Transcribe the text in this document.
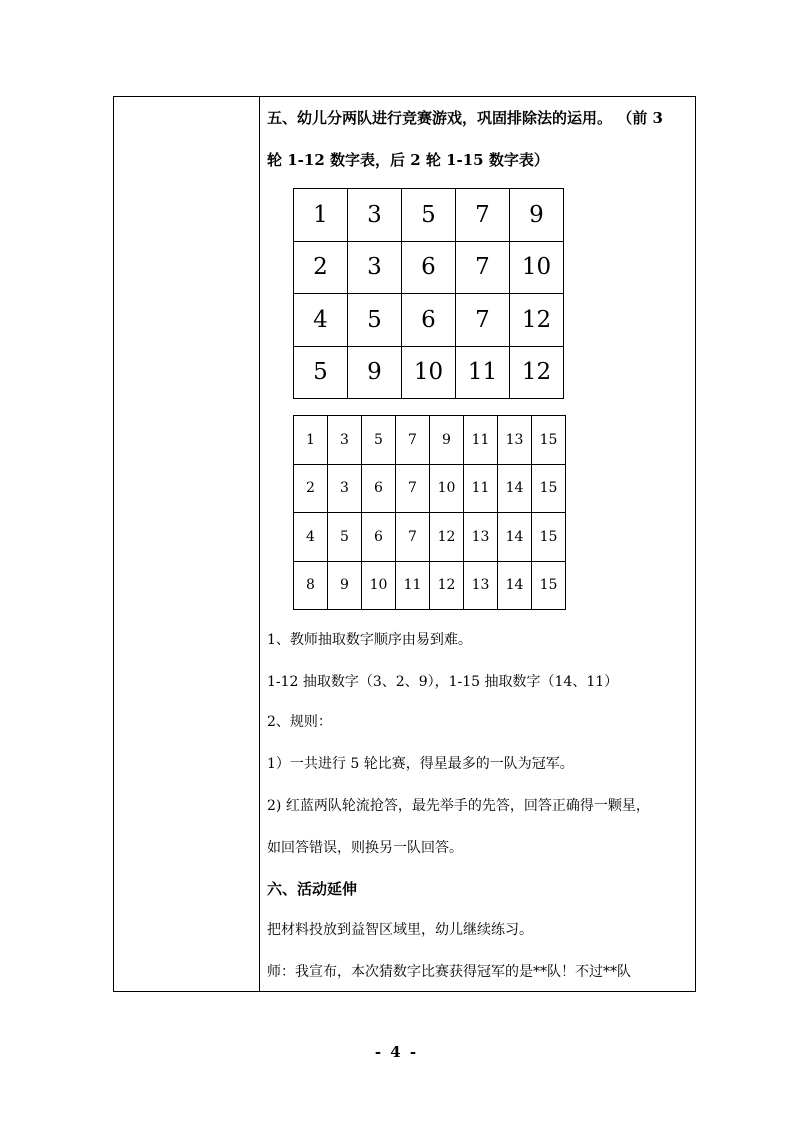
五、幼儿分两队进行竞赛游戏，巩固排除法的运用。 （前 3
轮 1-12 数字表，后 2 轮 1-15 数字表）
1	3	5	7	9
2	3	6	7	10
4	5	6	7	12
5	9	10	11	12
1	3	5	7	9	11	13	15
2	3	6	7	10	11	14	15
4	5	6	7	12	13	14	15
8	9	10	11	12	13	14	15
1、教师抽取数字顺序由易到难。
1-12 抽取数字（3、2、9），1-15 抽取数字（14、11）
2、规则：
1）一共进行 5 轮比赛，得星最多的一队为冠军。
2) 红蓝两队轮流抢答，最先举手的先答，回答正确得一颗星，
如回答错误，则换另一队回答。
六、活动延伸
把材料投放到益智区域里，幼儿继续练习。
师：我宣布，本次猜数字比赛获得冠军的是**队！不过**队
- 4 -
